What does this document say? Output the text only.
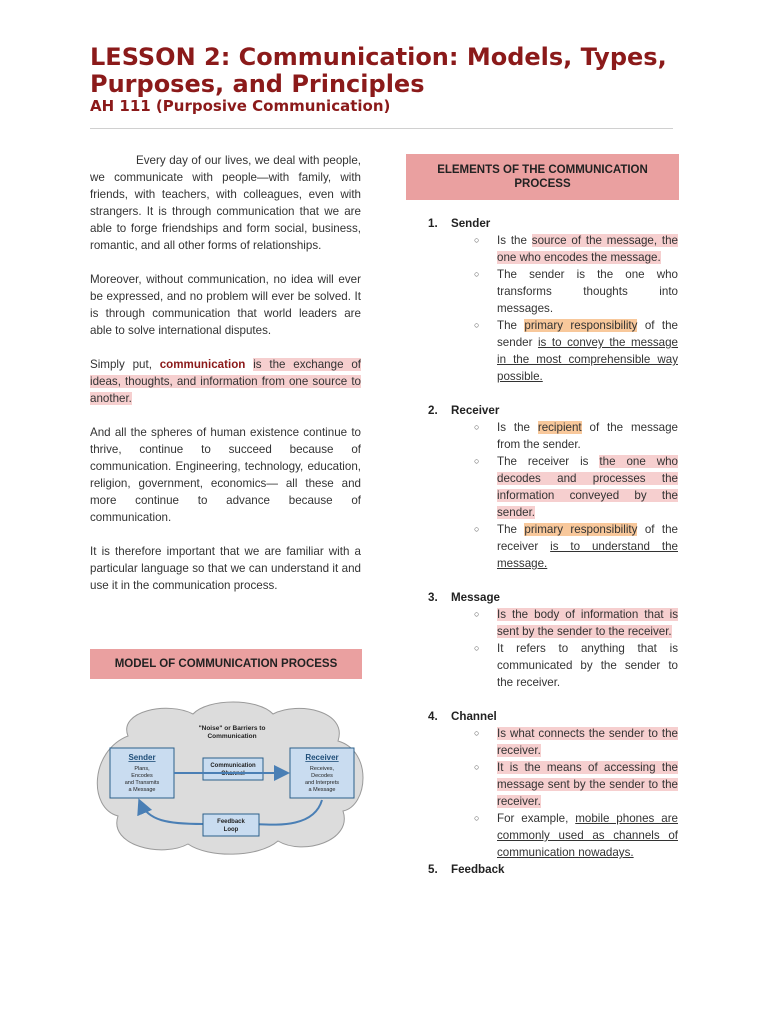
LESSON 2: Communication: Models, Types, Purposes, and Principles
AH 111 (Purposive Communication)

Every day of our lives, we deal with people, we communicate with people—with family, with friends, with teachers, with colleagues, even with strangers. It is through communication that we are able to forge friendships and form social, business, romantic, and all other forms of relationships.

Moreover, without communication, no idea will ever be expressed, and no problem will ever be solved. It is through communication that world leaders are able to solve international disputes.

Simply put, communication is the exchange of ideas, thoughts, and information from one source to another.

And all the spheres of human existence continue to thrive, continue to succeed because of communication. Engineering, technology, education, religion, government, economics— all these and more continue to advance because of communication.

It is therefore important that we are familiar with a particular language so that we can understand it and use it in the communication process.

MODEL OF COMMUNICATION PROCESS
"Noise" or Barriers to
Communication
Sender
Plans,
Encodes
and Transmits
a Message
Communication
Channel
Receiver
Receives,
Decodes
and Interprets
a Message
Feedback
Loop
ELEMENTS OF THE COMMUNICATION PROCESS
1. Sender
○ Is the source of the message, the one who encodes the message.
○ The sender is the one who transforms thoughts into messages.
○ The primary responsibility of the sender is to convey the message in the most comprehensible way possible.
2. Receiver
○ Is the recipient of the message from the sender.
○ The receiver is the one who decodes and processes the information conveyed by the sender.
○ The primary responsibility of the receiver is to understand the message.
3. Message
○ Is the body of information that is sent by the sender to the receiver.
○ It refers to anything that is communicated by the sender to the receiver.
4. Channel
○ Is what connects the sender to the receiver.
○ It is the means of accessing the message sent by the sender to the receiver.
○ For example, mobile phones are commonly used as channels of communication nowadays.
5. Feedback
